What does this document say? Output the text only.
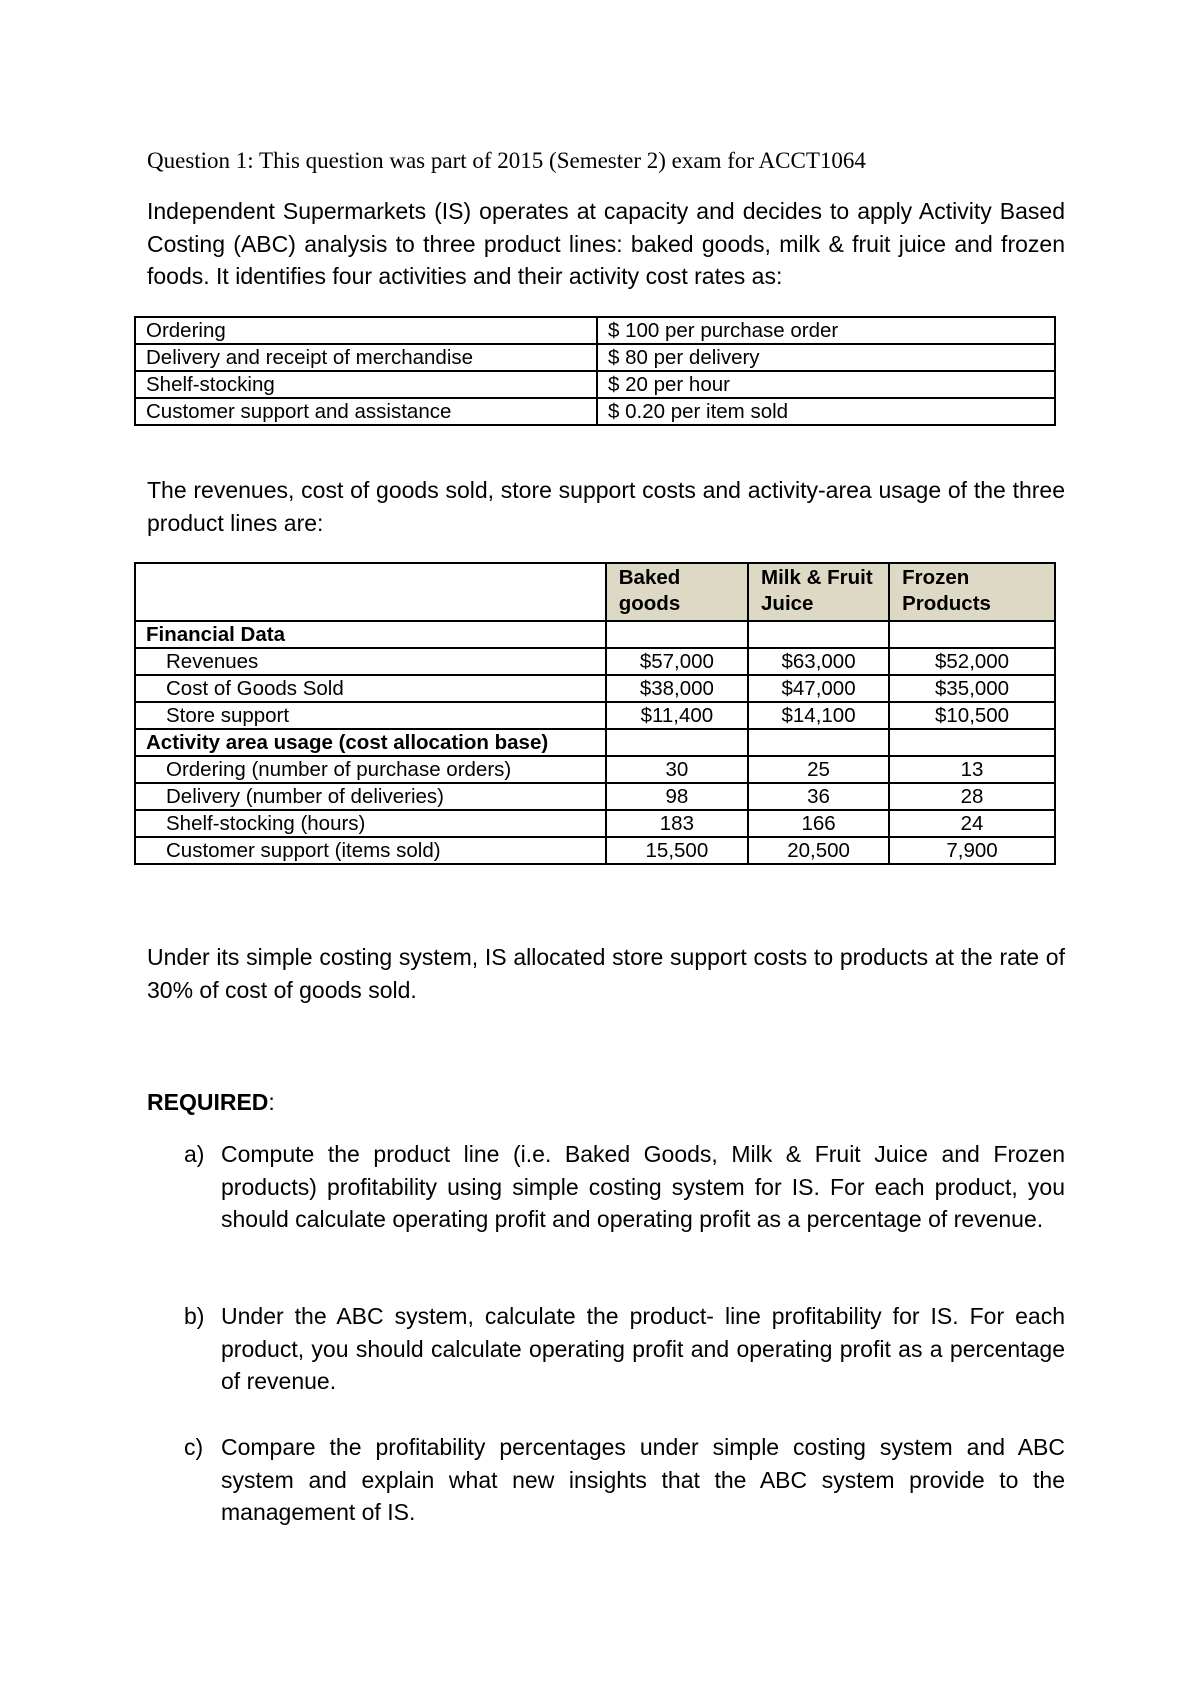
Question 1: This question was part of 2015 (Semester 2) exam for ACCT1064

Independent Supermarkets (IS) operates at capacity and decides to apply Activity Based Costing (ABC) analysis to three product lines: baked goods, milk & fruit juice and frozen foods. It identifies four activities and their activity cost rates as:

Ordering	$ 100 per purchase order
Delivery and receipt of merchandise	$ 80 per delivery
Shelf-stocking	$ 20 per hour
Customer support and assistance	$ 0.20 per item sold

The revenues, cost of goods sold, store support costs and activity-area usage of the three product lines are:

	Baked goods	Milk & Fruit Juice	Frozen Products
Financial Data			
Revenues	$57,000	$63,000	$52,000
Cost of Goods Sold	$38,000	$47,000	$35,000
Store support	$11,400	$14,100	$10,500
Activity area usage (cost allocation base)			
Ordering (number of purchase orders)	30	25	13
Delivery (number of deliveries)	98	36	28
Shelf-stocking (hours)	183	166	24
Customer support (items sold)	15,500	20,500	7,900

Under its simple costing system, IS allocated store support costs to products at the rate of 30% of cost of goods sold.

REQUIRED:

a) Compute the product line (i.e. Baked Goods, Milk & Fruit Juice and Frozen products) profitability using simple costing system for IS. For each product, you should calculate operating profit and operating profit as a percentage of revenue.
b) Under the ABC system, calculate the product- line profitability for IS. For each product, you should calculate operating profit and operating profit as a percentage of revenue.
c) Compare the profitability percentages under simple costing system and ABC system and explain what new insights that the ABC system provide to the management of IS.
